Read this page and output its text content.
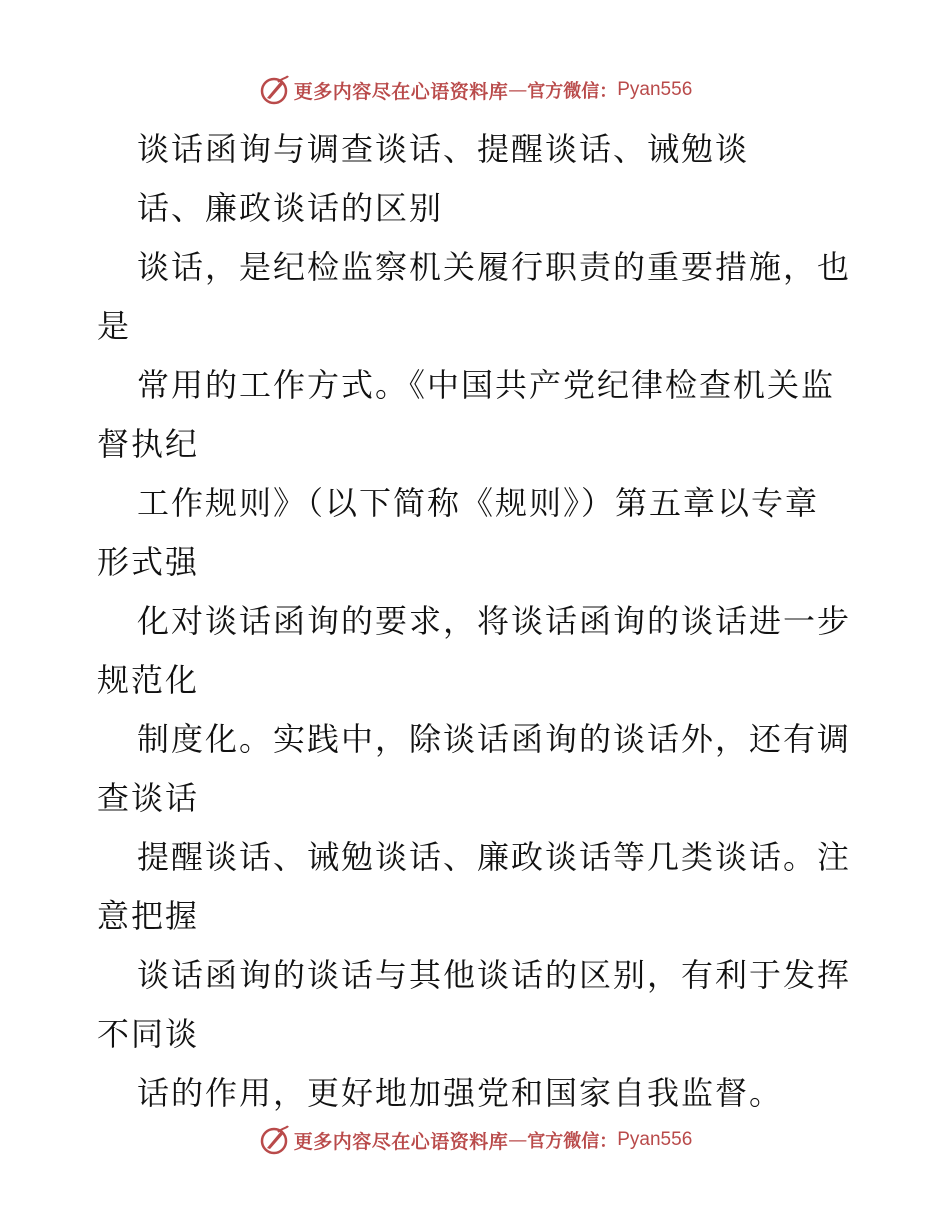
更多内容尽在心语资料库 — 官方微信： Pyan556
谈话函询与调查谈话、提醒谈话、诫勉谈
话、廉政谈话的区别
谈话，是纪检监察机关履行职责的重要措施，也
是
常用的工作方式。《中国共产党纪律检查机关监
督执纪
工作规则》（以下简称《规则》）第五章以专章
形式强
化对谈话函询的要求，将谈话函询的谈话进一步
规范化
制度化。实践中，除谈话函询的谈话外，还有调
查谈话
提醒谈话、诫勉谈话、廉政谈话等几类谈话。注
意把握
谈话函询的谈话与其他谈话的区别，有利于发挥
不同谈
话的作用，更好地加强党和国家自我监督。
更多内容尽在心语资料库 — 官方微信： Pyan556
